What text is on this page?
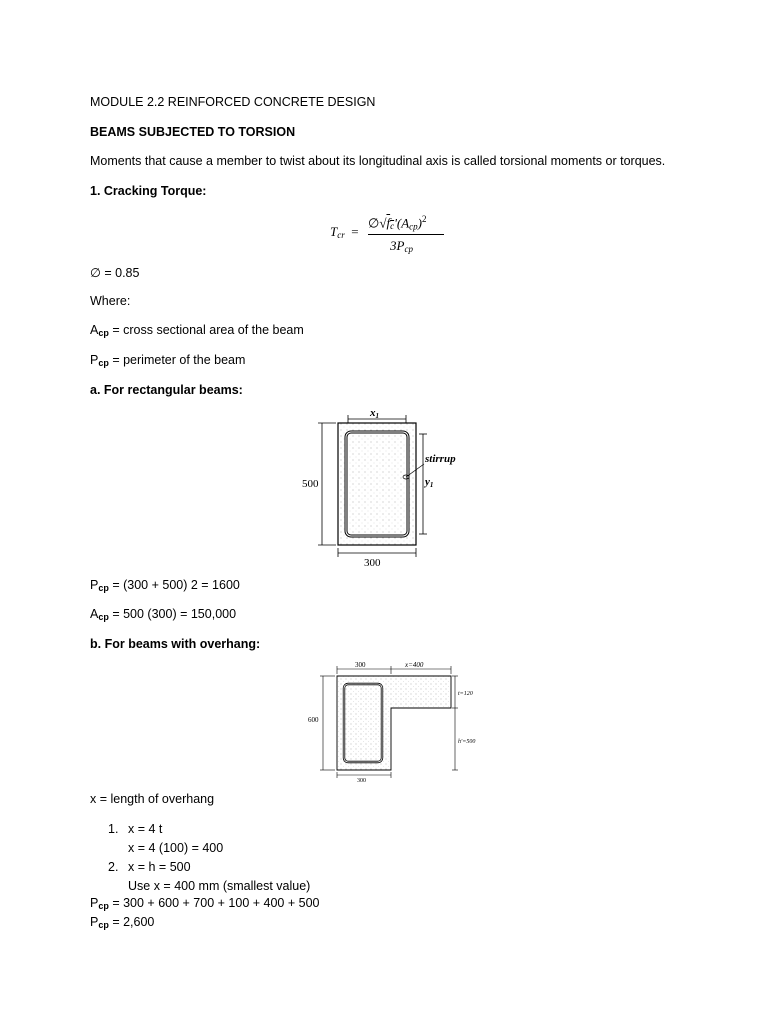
MODULE 2.2 REINFORCED CONCRETE DESIGN
BEAMS SUBJECTED TO TORSION
Moments that cause a member to twist about its longitudinal axis is called torsional moments or torques.
1. Cracking Torque:
$T_{cr}$  =
$\emptyset√f_c'(A_{cp})^2$
$3P_{cp}$
∅ = 0.85
Where:
$A_{cp}$ = cross sectional area of the beam
$P_{cp}$ = perimeter of the beam
a. For rectangular beams:
x1
stirrup
y1
500
300
$P_{cp} = (300 + 500) 2 = 1600$
$A_{cp} = 500$ (300) = 150,000
b. For beams with overhang:
300	x=400
600
t=120
h'=500
300
x = length of overhang
1. x = 4 t
x = 4 (100) = 400
2. x = h = 500
Use x = 400 mm (smallest value)
$P_{cp} = 300 + 600 + 700 + 100 + 400 + 500$
$P_{cp} = 2,600$
